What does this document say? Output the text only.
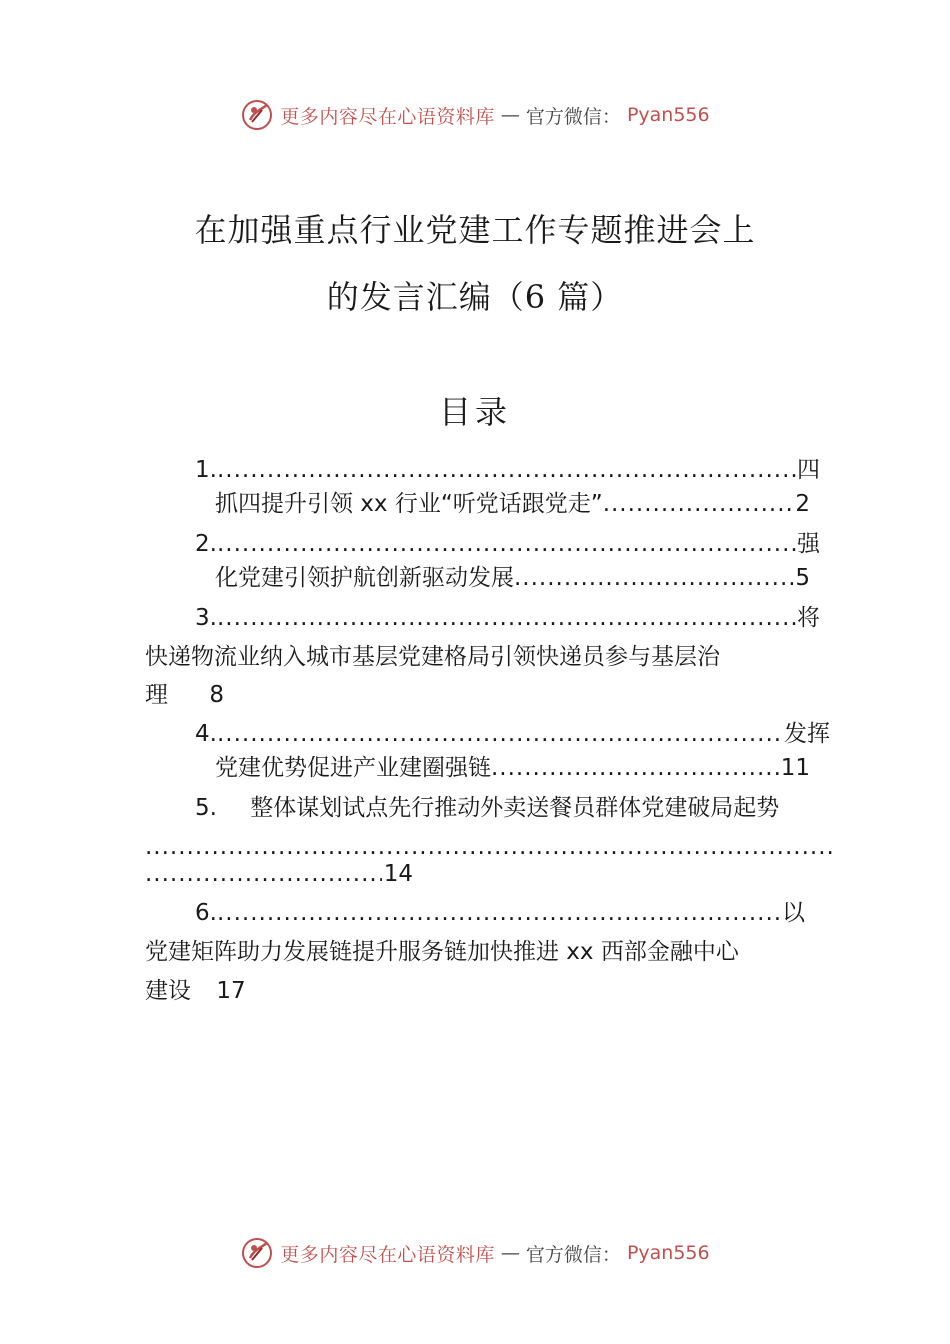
更多内容尽在心语资料库 — 官方微信： Pyan556
在加强重点行业党建工作专题推进会上
的发言汇编（6 篇）
目录
1. .....	四
抓四提升引领 xx 行业“听党话跟党走” .....	2
2. .....	强
化党建引领护航创新驱动发展 .....	5
3. .....	将
快递物流业纳入城市基层党建格局引领快递员参与基层治
理 8
4. .....	发挥
党建优势促进产业建圈强链 .....	11
5. 整体谋划试点先行推动外卖送餐员群体党建破局起势
.....
.....
14
6. .....	以
党建矩阵助力发展链提升服务链加快推进 xx 西部金融中心
建设 17
更多内容尽在心语资料库 — 官方微信： Pyan556
